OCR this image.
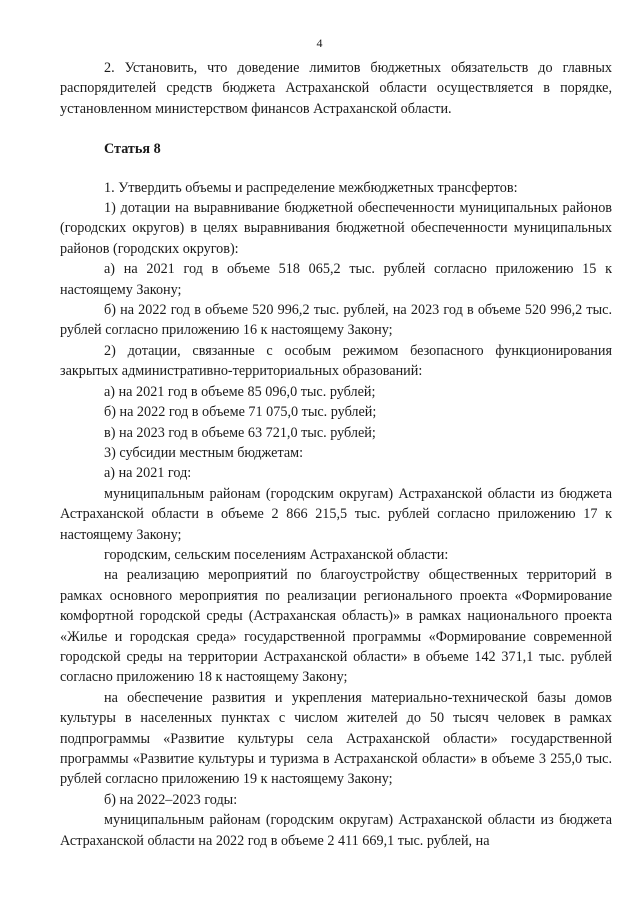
4

2. Установить, что доведение лимитов бюджетных обязательств до главных распорядителей средств бюджета Астраханской области осуществляется в порядке, установленном министерством финансов Астраханской области.

Статья 8

1. Утвердить объемы и распределение межбюджетных трансфертов:

1) дотации на выравнивание бюджетной обеспеченности муниципальных районов (городских округов) в целях выравнивания бюджетной обеспеченности муниципальных районов (городских округов):

а) на 2021 год в объеме 518 065,2 тыс. рублей согласно приложению 15 к настоящему Закону;

б) на 2022 год в объеме 520 996,2 тыс. рублей, на 2023 год в объеме 520 996,2 тыс. рублей согласно приложению 16 к настоящему Закону;

2) дотации, связанные с особым режимом безопасного функционирования закрытых административно-территориальных образований:

а) на 2021 год в объеме 85 096,0 тыс. рублей;

б) на 2022 год в объеме 71 075,0 тыс. рублей;

в) на 2023 год в объеме 63 721,0 тыс. рублей;

3) субсидии местным бюджетам:

а) на 2021 год:

муниципальным районам (городским округам) Астраханской области из бюджета Астраханской области в объеме 2 866 215,5 тыс. рублей согласно приложению 17 к настоящему Закону;

городским, сельским поселениям Астраханской области:

на реализацию мероприятий по благоустройству общественных территорий в рамках основного мероприятия по реализации регионального проекта «Формирование комфортной городской среды (Астраханская область)» в рамках национального проекта «Жилье и городская среда» государственной программы «Формирование современной городской среды на территории Астраханской области» в объеме 142 371,1 тыс. рублей согласно приложению 18 к настоящему Закону;

на обеспечение развития и укрепления материально-технической базы домов культуры в населенных пунктах с числом жителей до 50 тысяч человек в рамках подпрограммы «Развитие культуры села Астраханской области» государственной программы «Развитие культуры и туризма в Астраханской области» в объеме 3 255,0 тыс. рублей согласно приложению 19 к настоящему Закону;

б) на 2022–2023 годы:

муниципальным районам (городским округам) Астраханской области из бюджета Астраханской области на 2022 год в объеме 2 411 669,1 тыс. рублей, на
